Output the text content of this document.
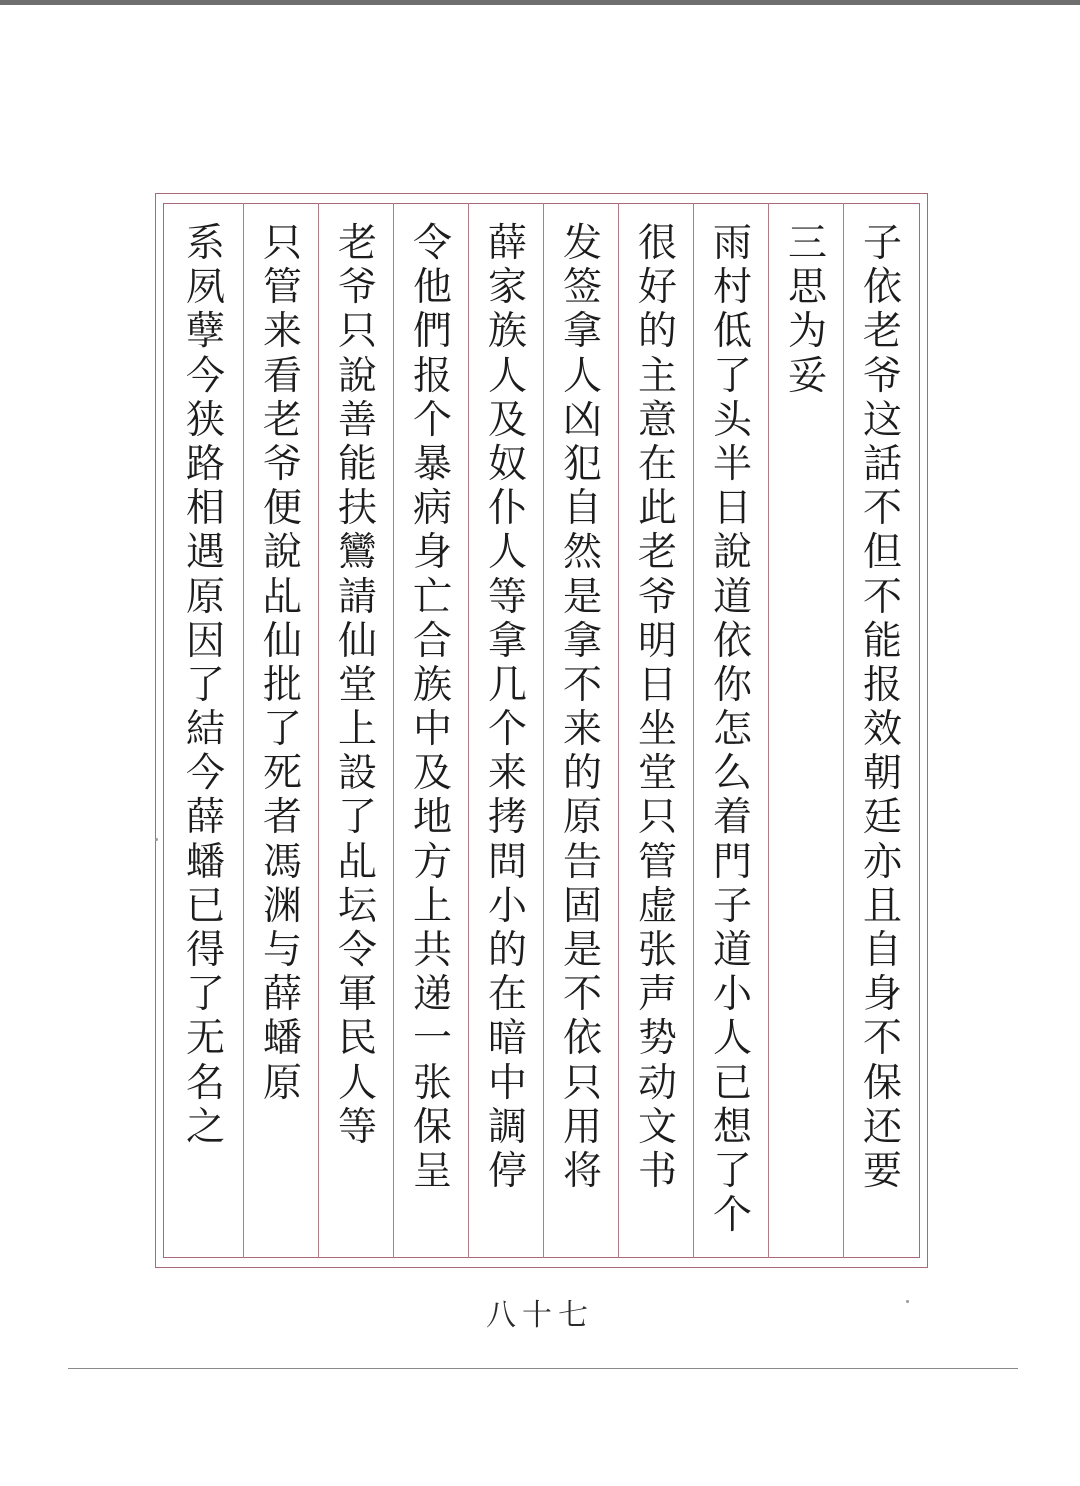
子
依
老
爷
这
話
不
但
不
能
报
效
朝
廷
亦
且
自
身
不
保
还
要
三
思
为
妥
雨
村
低
了
头
半
日
說
道
依
你
怎
么
着
門
子
道
小
人
已
想
了
个
很
好
的
主
意
在
此
老
爷
明
日
坐
堂
只
管
虚
张
声
势
动
文
书
发
签
拿
人
凶
犯
自
然
是
拿
不
来
的
原
告
固
是
不
依
只
用
将
薛
家
族
人
及
奴
仆
人
等
拿
几
个
来
拷
問
小
的
在
暗
中
調
停
令
他
們
报
个
暴
病
身
亡
合
族
中
及
地
方
上
共
递
一
张
保
呈
老
爷
只
說
善
能
扶
鸞
請
仙
堂
上
設
了
乩
坛
令
軍
民
人
等
只
管
来
看
老
爷
便
說
乩
仙
批
了
死
者
馮
渊
与
薛
蟠
原
系
夙
孽
今
狭
路
相
遇
原
因
了
結
今
薛
蟠
已
得
了
无
名
之
八十七
